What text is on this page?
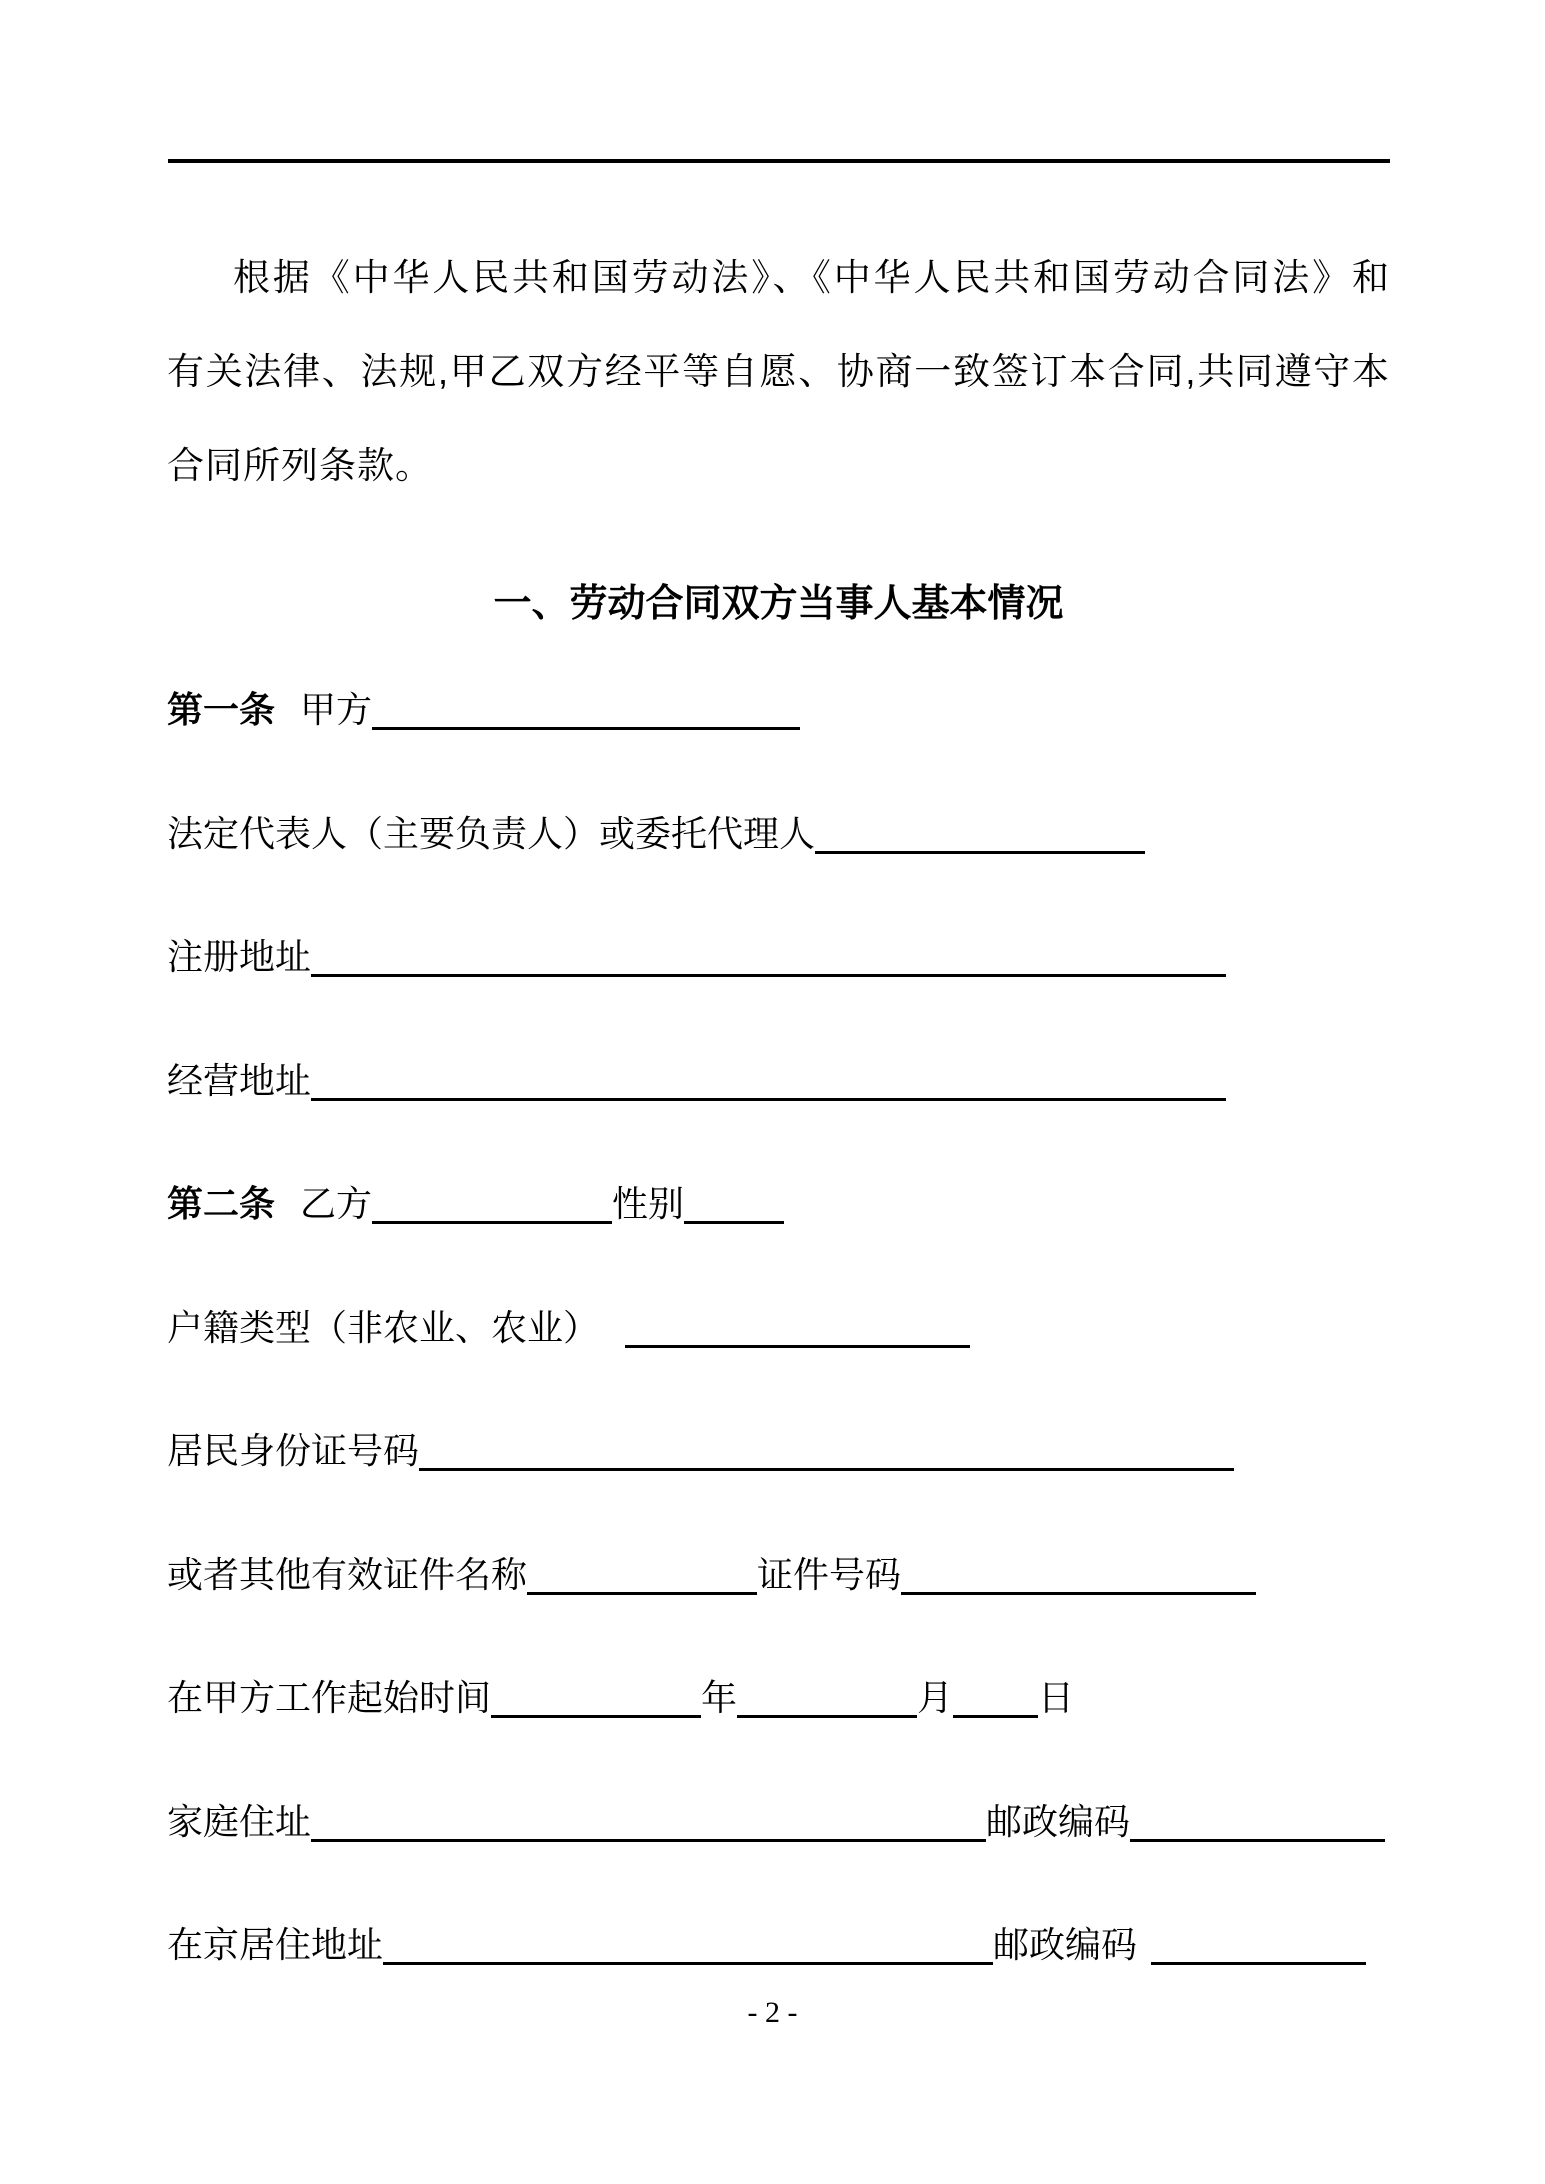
根据《中华人民共和国劳动法》、《中华人民共和国劳动合同法》和
有关法律、法规,甲乙双方经平等自愿、协商一致签订本合同,共同遵守本
合同所列条款。
一、劳动合同双方当事人基本情况
第一条 甲方
法定代表人（主要负责人）或委托代理人
注册地址
经营地址
第二条 乙方	性别
户籍类型（非农业、农业）
居民身份证号码
或者其他有效证件名称	证件号码
在甲方工作起始时间	年	月 日
家庭住址	邮政编码
在京居住地址	邮政编码
- 2 -
